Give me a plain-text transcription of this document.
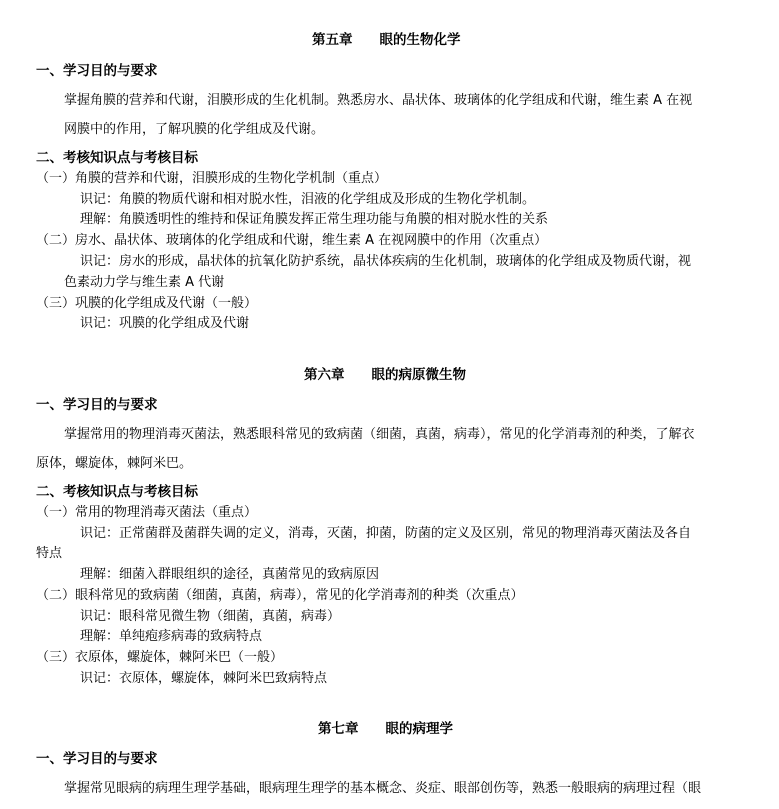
第五章　　眼的生物化学
一、学习目的与要求
掌握角膜的营养和代谢，泪膜形成的生化机制。熟悉房水、晶状体、玻璃体的化学组成和代谢，维生素 A 在视
网膜中的作用，了解巩膜的化学组成及代谢。
二、考核知识点与考核目标
（一）角膜的营养和代谢，泪膜形成的生物化学机制（重点）
识记：角膜的物质代谢和相对脱水性，泪液的化学组成及形成的生物化学机制。
理解：角膜透明性的维持和保证角膜发挥正常生理功能与角膜的相对脱水性的关系
（二）房水、晶状体、玻璃体的化学组成和代谢，维生素 A 在视网膜中的作用（次重点）
识记：房水的形成，晶状体的抗氧化防护系统，晶状体疾病的生化机制，玻璃体的化学组成及物质代谢，视
色素动力学与维生素 A 代谢
（三）巩膜的化学组成及代谢（一般）
识记：巩膜的化学组成及代谢
第六章　　眼的病原微生物
一、学习目的与要求
掌握常用的物理消毒灭菌法，熟悉眼科常见的致病菌（细菌，真菌，病毒），常见的化学消毒剂的种类，了解衣
原体，螺旋体，棘阿米巴。
二、考核知识点与考核目标
（一）常用的物理消毒灭菌法（重点）
识记：正常菌群及菌群失调的定义，消毒，灭菌，抑菌，防菌的定义及区别，常见的物理消毒灭菌法及各自
特点
理解：细菌入群眼组织的途径，真菌常见的致病原因
（二）眼科常见的致病菌（细菌，真菌，病毒），常见的化学消毒剂的种类（次重点）
识记：眼科常见微生物（细菌，真菌，病毒）
理解：单纯疱疹病毒的致病特点
（三）衣原体，螺旋体，棘阿米巴（一般）
识记：衣原体，螺旋体，棘阿米巴致病特点
第七章　　眼的病理学
一、学习目的与要求
掌握常见眼病的病理生理学基础，眼病理生理学的基本概念、炎症、眼部创伤等，熟悉一般眼病的病理过程（眼
